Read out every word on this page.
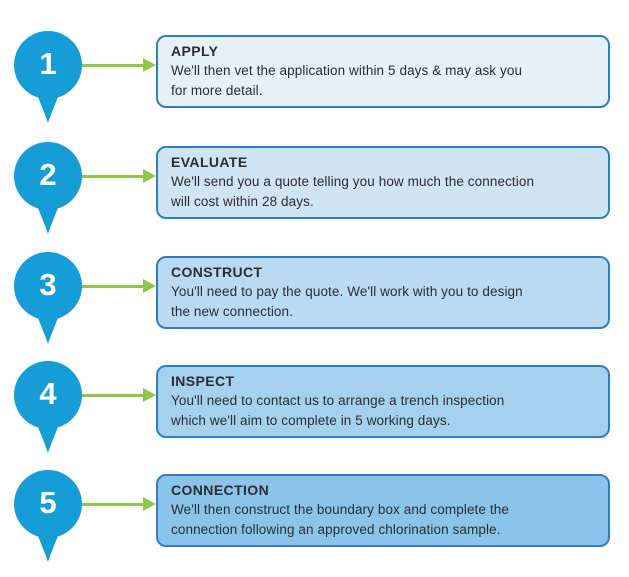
1	APPLY
We'll then vet the application within 5 days & may ask you
for more detail.
2	EVALUATE
We'll send you a quote telling you how much the connection
will cost within 28 days.
3	CONSTRUCT
You'll need to pay the quote. We'll work with you to design
the new connection.
4	INSPECT
You'll need to contact us to arrange a trench inspection
which we'll aim to complete in 5 working days.
5	CONNECTION
We'll then construct the boundary box and complete the
connection following an approved chlorination sample.
